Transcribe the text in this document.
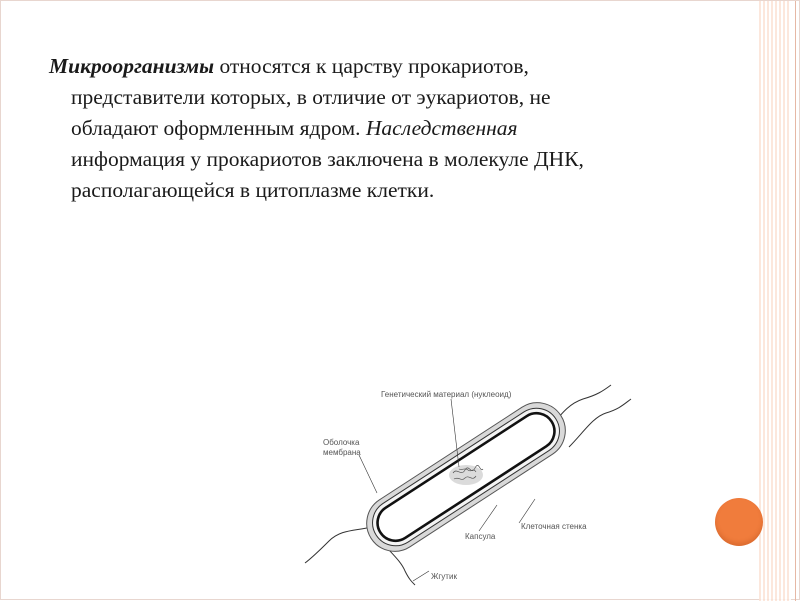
Микроорганизмы относятся к царству прокариотов,
представители которых, в отличие от эукариотов, не
обладают оформленным ядром. Наследственная
информация у прокариотов заключена в молекуле ДНК,
располагающейся в цитоплазме клетки.
Генетический материал (нуклеоид)
Оболочка
мембрана
Клеточная стенка
Капсула
Жгутик
